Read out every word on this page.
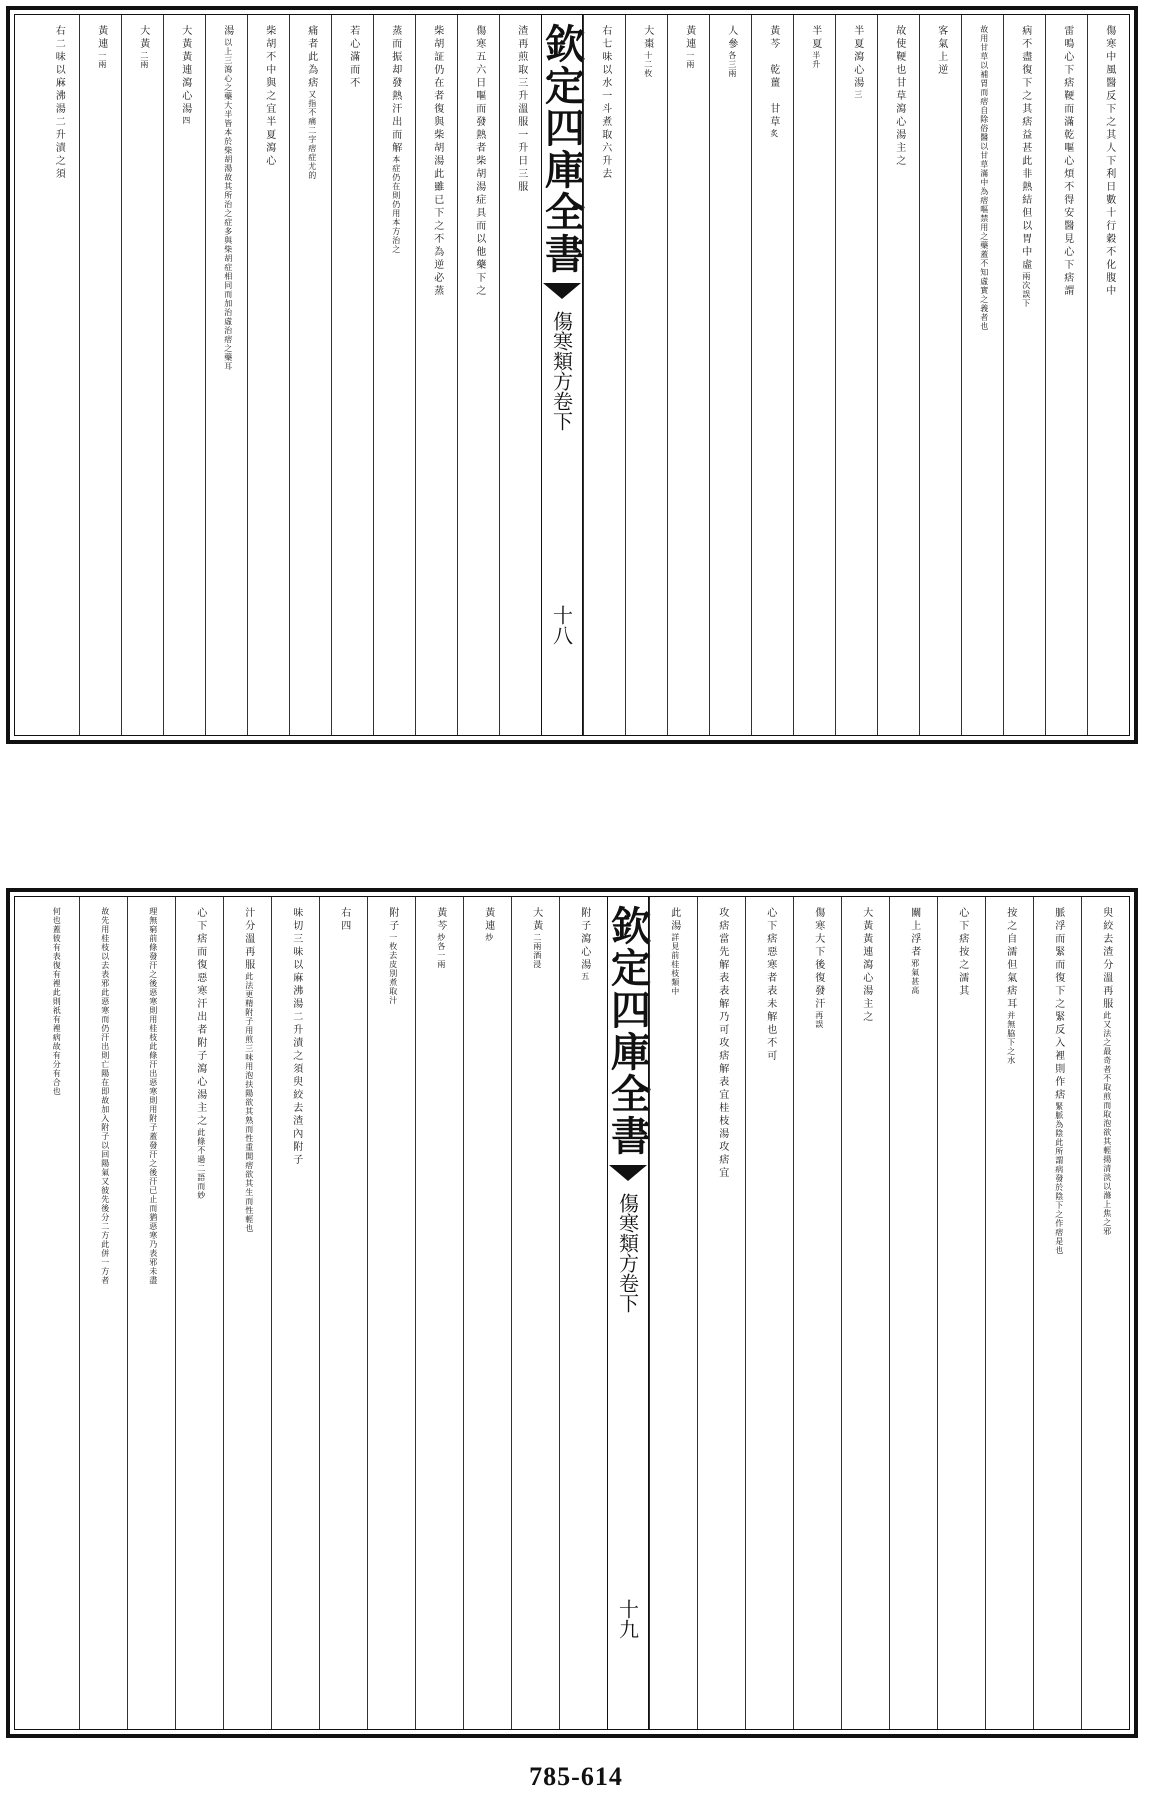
傷寒中風醫反下之其人下利日數十行穀不化腹中
雷鳴心下痞鞕而滿乾嘔心煩不得安醫見心下痞謂
病不盡復下之其痞益甚此非熱結但以胃中虛$^{兩次誤下}$
$^{故用甘草以補胃而痞自除俗醫以甘草滿中為痞嘔禁用之藥蓋不知虛實之義者也}$
客氣上逆
故使鞕也甘草瀉心湯主之
半夏瀉心湯$^三$
半夏$^{半升}$
黃芩　乾薑　甘草$^炙$
人參$^{各三兩}$
黃連$^{一兩}$
大棗$^{十二枚}$
右七味以水一斗煮取六升去
欽定四庫全書
傷寒類方
卷下
十八
渣再煎取三升溫服一升日三服
傷寒五六日嘔而發熱者柴胡湯症具而以他藥下之
柴胡証仍在者復與柴胡湯此雖已下之不為逆必蒸
蒸而振却發熱汗出而解$^{本症仍在則仍用本方治之}$
若心滿而不
痛者此為痞$^{又指不痛二字痞症尤的}$
柴胡不中與之宜半夏瀉心
湯$^{以上三瀉心之藥大半皆本於柴胡湯故其所治之症多與柴胡症相同而加治虛治痞之藥耳}$
大黃黃連瀉心湯$^四$
大黃$^{二兩}$
黃連$^{一兩}$
右二味以麻沸湯二升漬之須
臾絞去渣分溫再服$^{此又法之最奇者不取煎而取泡欲其輕揚清淡以滌上焦之邪}$
脈浮而緊而復下之緊反入裡則作痞$^{緊脈為陰此所謂病發於陰下之作痞是也}$
按之自濡但氣痞耳$^{并無脇下之水}$
心下痞按之濡其
關上浮者$^{邪氣甚高}$
大黃黃連瀉心湯主之
傷寒大下後復發汗$^{再誤}$
心下痞惡寒者表未解也不可
攻痞當先解表表解乃可攻痞解表宜桂枝湯攻痞宜
此湯$^{詳見前桂枝類中}$
欽定四庫全書
傷寒類方
卷下
十九
附子瀉心湯$^五$
大黃$^{二兩酒浸}$
黃連$^炒$
黃芩$^{炒各一兩}$
附子$^{一枚去皮別煮取汁}$
右四
味切三味以麻沸湯二升漬之須臾絞去渣內附子
汁分溫再服$^{此法更精附子用煎三味用泡扶陽欲其熟而性重開痞欲其生而性輕也}$
心下痞而復惡寒汗出者附子瀉心湯主之$^{此條不過二語而妙}$
$^{理無窮前條發汗之後惡寒則用桂枝此條汗出惡寒則用附子蓋發汗之後汗已止而猶惡寒乃表邪未盡}$
$^{故先用桂枝以去表邪此惡寒而仍汗出則亡陽在即故加入附子以回陽氣又彼先後分二方此併一方者}$
$^{何也蓋彼有表復有裡此則祇有裡病故有分有合也}$
785-614
